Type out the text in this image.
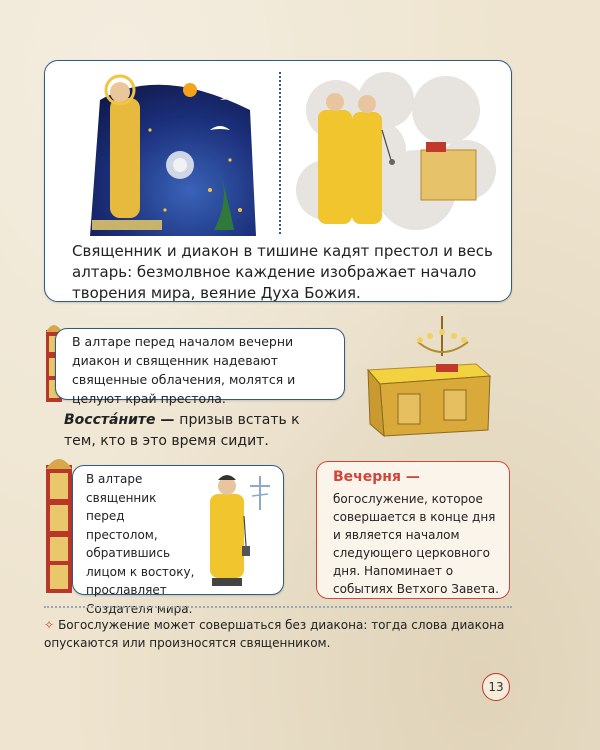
Священник и диакон в тишине кадят престол и весь алтарь: безмолвное каждение изображает начало творения мира, веяние Духа Божия.
В алтаре перед началом вечерни диакон и священник надевают священные облачения, молятся и целуют край престола.
Восста́ните — призыв встать к тем, кто в это время сидит.
В алтаре священник перед престолом, обратившись лицом к востоку, прославляет Создателя мира.
Вечерня —
богослужение, которое совершается в конце дня и является началом следующего церковного дня. Напоминает о событиях Ветхого Завета.
✧ Богослужение может совершаться без диакона: тогда слова диакона опускаются или произносятся священником.
13
